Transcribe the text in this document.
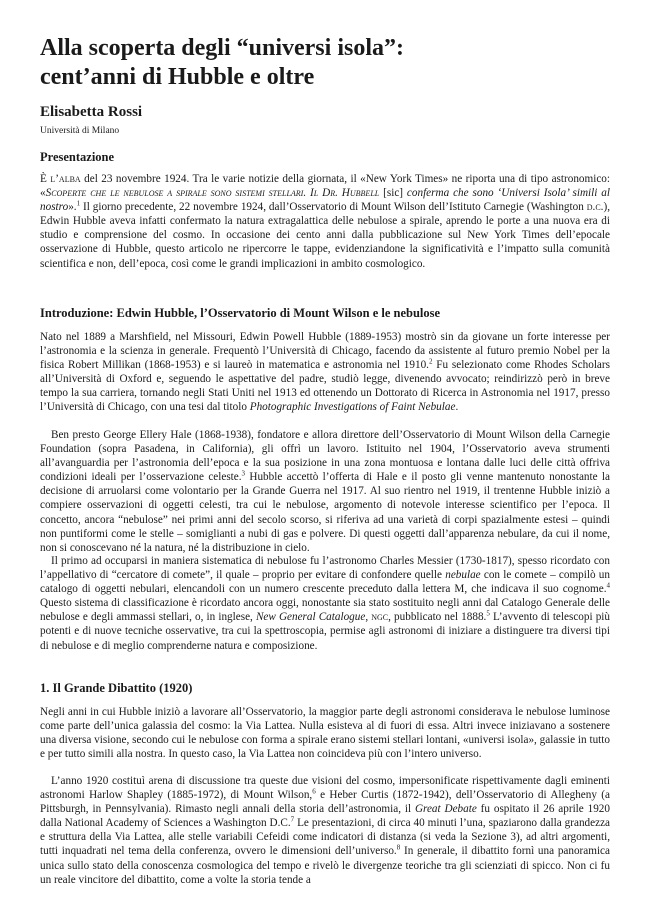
Alla scoperta degli “universi isola”:
cent’anni di Hubble e oltre

Elisabetta Rossi

Università di Milano

Presentazione

È l’alba del 23 novembre 1924. Tra le varie notizie della giornata, il «New York Times» ne riporta una di tipo astronomico: «Scoperte che le nebulose a spirale sono sistemi stellari. Il Dr. Hubbell [sic] conferma che sono ‘Universi Isola’ simili al nostro».$^1$ Il giorno precedente, 22 novembre 1924, dall’Osservatorio di Mount Wilson dell’Istituto Carnegie (Washington d.c.), Edwin Hubble aveva infatti confermato la natura extragalattica delle nebulose a spirale, aprendo le porte a una nuova era di studio e comprensione del cosmo. In occasione dei cento anni dalla pubblicazione sul New York Times dell’epocale osservazione di Hubble, questo articolo ne ripercorre le tappe, evidenziandone la significatività e l’impatto sulla comunità scientifica e non, dell’epoca, così come le grandi implicazioni in ambito cosmologico.

Introduzione: Edwin Hubble, l’Osservatorio di Mount Wilson e le nebulose

Nato nel 1889 a Marshfield, nel Missouri, Edwin Powell Hubble (1889-1953) mostrò sin da giovane un forte interesse per l’astronomia e la scienza in generale. Frequentò l’Università di Chicago, facendo da assistente al futuro premio Nobel per la fisica Robert Millikan (1868-1953) e si laureò in matematica e astronomia nel 1910.$^2$ Fu selezionato come Rhodes Scholars all’Università di Oxford e, seguendo le aspettative del padre, studiò legge, divenendo avvocato; reindirizzò però in breve tempo la sua carriera, tornando negli Stati Uniti nel 1913 ed ottenendo un Dottorato di Ricerca in Astronomia nel 1917, presso l’Università di Chicago, con una tesi dal titolo Photographic Investigations of Faint Nebulae.

Ben presto George Ellery Hale (1868-1938), fondatore e allora direttore dell’Osservatorio di Mount Wilson della Carnegie Foundation (sopra Pasadena, in California), gli offrì un lavoro. Istituito nel 1904, l’Osservatorio aveva strumenti all’avanguardia per l’astronomia dell’epoca e la sua posizione in una zona montuosa e lontana dalle luci delle città offriva condizioni ideali per l’osservazione celeste.$^3$ Hubble accettò l’offerta di Hale e il posto gli venne mantenuto nonostante la decisione di arruolarsi come volontario per la Grande Guerra nel 1917. Al suo rientro nel 1919, il trentenne Hubble iniziò a compiere osservazioni di oggetti celesti, tra cui le nebulose, argomento di notevole interesse scientifico per l’epoca. Il concetto, ancora “nebulose” nei primi anni del secolo scorso, si riferiva ad una varietà di corpi spazialmente estesi – quindi non puntiformi come le stelle – somiglianti a nubi di gas e polvere. Di questi oggetti dall’apparenza nebulare, da cui il nome, non si conoscevano né la natura, né la distribuzione in cielo.

Il primo ad occuparsi in maniera sistematica di nebulose fu l’astronomo Charles Messier (1730-1817), spesso ricordato con l’appellativo di “cercatore di comete”, il quale – proprio per evitare di confondere quelle nebulae con le comete – compilò un catalogo di oggetti nebulari, elencandoli con un numero crescente preceduto dalla lettera M, che indicava il suo cognome.$^4$ Questo sistema di classificazione è ricordato ancora oggi, nonostante sia stato sostituito negli anni dal Catalogo Generale delle nebulose e degli ammassi stellari, o, in inglese, New General Catalogue, ngc, pubblicato nel 1888.$^5$ L’avvento di telescopi più potenti e di nuove tecniche osservative, tra cui la spettroscopia, permise agli astronomi di iniziare a distinguere tra diversi tipi di nebulose e di meglio comprenderne natura e composizione.

1. Il Grande Dibattito (1920)

Negli anni in cui Hubble iniziò a lavorare all’Osservatorio, la maggior parte degli astronomi considerava le nebulose luminose come parte dell’unica galassia del cosmo: la Via Lattea. Nulla esisteva al di fuori di essa. Altri invece iniziavano a sostenere una diversa visione, secondo cui le nebulose con forma a spirale erano sistemi stellari lontani, «universi isola», galassie in tutto e per tutto simili alla nostra. In questo caso, la Via Lattea non coincideva più con l’intero universo.

L’anno 1920 costituì arena di discussione tra queste due visioni del cosmo, impersonificate rispettivamente dagli eminenti astronomi Harlow Shapley (1885-1972), di Mount Wilson,$^6$ e Heber Curtis (1872-1942), dell’Osservatorio di Allegheny (a Pittsburgh, in Pennsylvania). Rimasto negli annali della storia dell’astronomia, il Great Debate fu ospitato il 26 aprile 1920 dalla National Academy of Sciences a Washington D.C.$^7$ Le presentazioni, di circa 40 minuti l’una, spaziarono dalla grandezza e struttura della Via Lattea, alle stelle variabili Cefeidi come indicatori di distanza (si veda la Sezione 3), ad altri argomenti, tutti inquadrati nel tema della conferenza, ovvero le dimensioni dell’universo.$^8$ In generale, il dibattito fornì una panoramica unica sullo stato della conoscenza cosmologica del tempo e rivelò le divergenze teoriche tra gli scienziati di spicco. Non ci fu un reale vincitore del dibattito, come a volte la storia tende a
